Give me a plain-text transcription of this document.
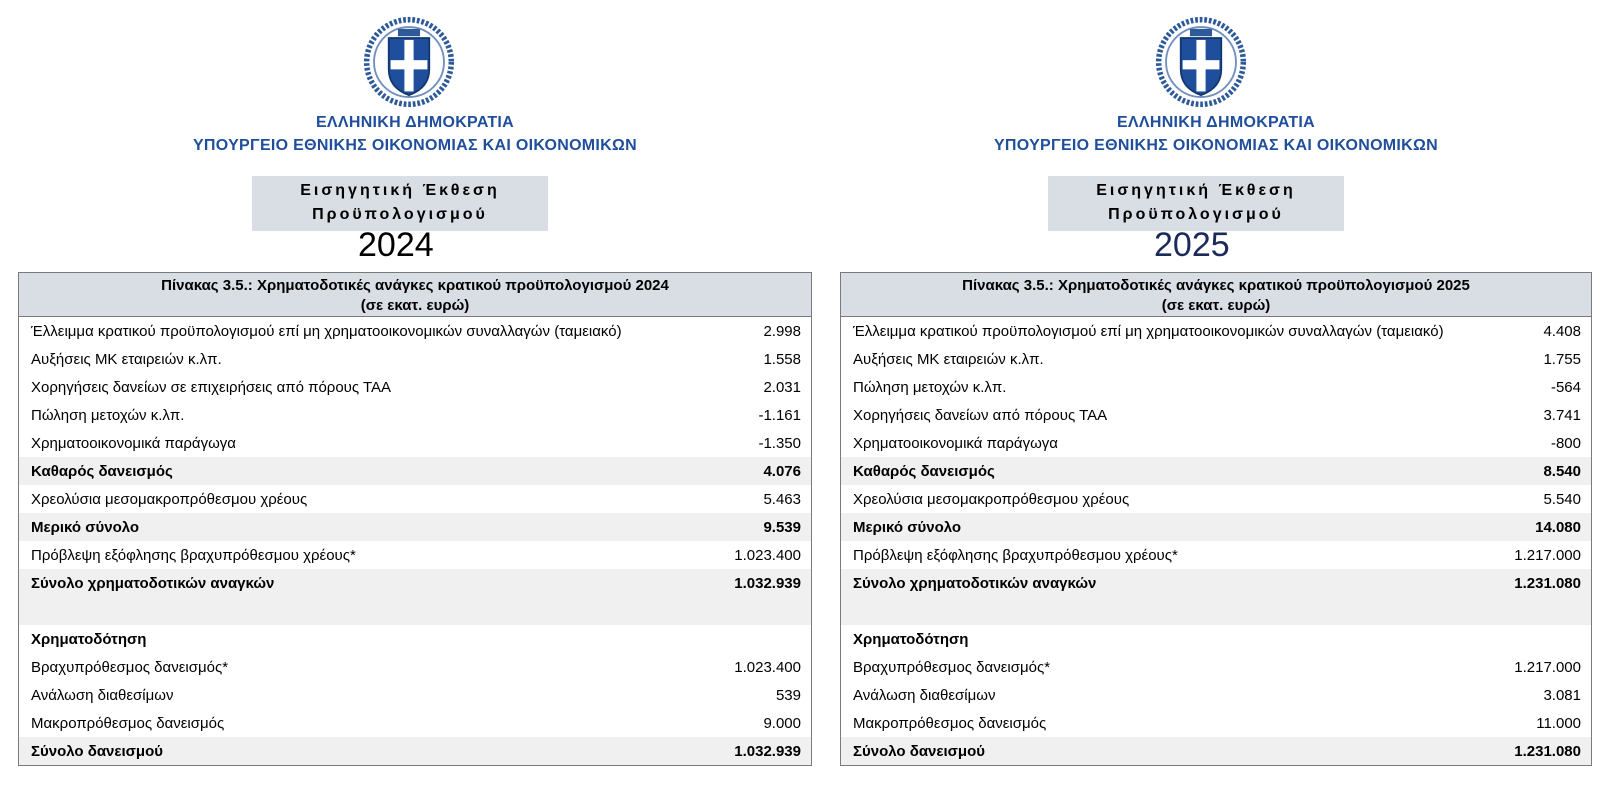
ΕΛΛΗΝΙΚΗ ΔΗΜΟΚΡΑΤΙΑ
ΥΠΟΥΡΓΕΙΟ ΕΘΝΙΚΗΣ ΟΙΚΟΝΟΜΙΑΣ ΚΑΙ ΟΙΚΟΝΟΜΙΚΩΝ
Εισηγητική Έκθεση
Προϋπολογισμού
2024
Πίνακας 3.5.: Χρηματοδοτικές ανάγκες κρατικού προϋπολογισμού 2024
(σε εκατ. ευρώ)
Έλλειμμα κρατικού προϋπολογισμού επί μη χρηματοοικονομικών συναλλαγών (ταμειακό)	2.998
Αυξήσεις ΜΚ εταιρειών κ.λπ.	1.558
Χορηγήσεις δανείων σε επιχειρήσεις από πόρους ΤΑΑ	2.031
Πώληση μετοχών κ.λπ.	-1.161
Χρηματοοικονομικά παράγωγα	-1.350
Καθαρός δανεισμός	4.076
Χρεολύσια μεσομακροπρόθεσμου χρέους	5.463
Μερικό σύνολο	9.539
Πρόβλεψη εξόφλησης βραχυπρόθεσμου χρέους*	1.023.400
Σύνολο χρηματοδοτικών αναγκών	1.032.939
Χρηματοδότηση
Βραχυπρόθεσμος δανεισμός*	1.023.400
Ανάλωση διαθεσίμων	539
Μακροπρόθεσμος δανεισμός	9.000
Σύνολο δανεισμού	1.032.939
ΕΛΛΗΝΙΚΗ ΔΗΜΟΚΡΑΤΙΑ
ΥΠΟΥΡΓΕΙΟ ΕΘΝΙΚΗΣ ΟΙΚΟΝΟΜΙΑΣ ΚΑΙ ΟΙΚΟΝΟΜΙΚΩΝ
Εισηγητική Έκθεση
Προϋπολογισμού
2025
Πίνακας 3.5.: Χρηματοδοτικές ανάγκες κρατικού προϋπολογισμού 2025
(σε εκατ. ευρώ)
Έλλειμμα κρατικού προϋπολογισμού επί μη χρηματοοικονομικών συναλλαγών (ταμειακό)	4.408
Αυξήσεις ΜΚ εταιρειών κ.λπ.	1.755
Πώληση μετοχών κ.λπ.	-564
Χορηγήσεις δανείων από πόρους ΤΑΑ	3.741
Χρηματοοικονομικά παράγωγα	-800
Καθαρός δανεισμός	8.540
Χρεολύσια μεσομακροπρόθεσμου χρέους	5.540
Μερικό σύνολο	14.080
Πρόβλεψη εξόφλησης βραχυπρόθεσμου χρέους*	1.217.000
Σύνολο χρηματοδοτικών αναγκών	1.231.080
Χρηματοδότηση
Βραχυπρόθεσμος δανεισμός*	1.217.000
Ανάλωση διαθεσίμων	3.081
Μακροπρόθεσμος δανεισμός	11.000
Σύνολο δανεισμού	1.231.080
